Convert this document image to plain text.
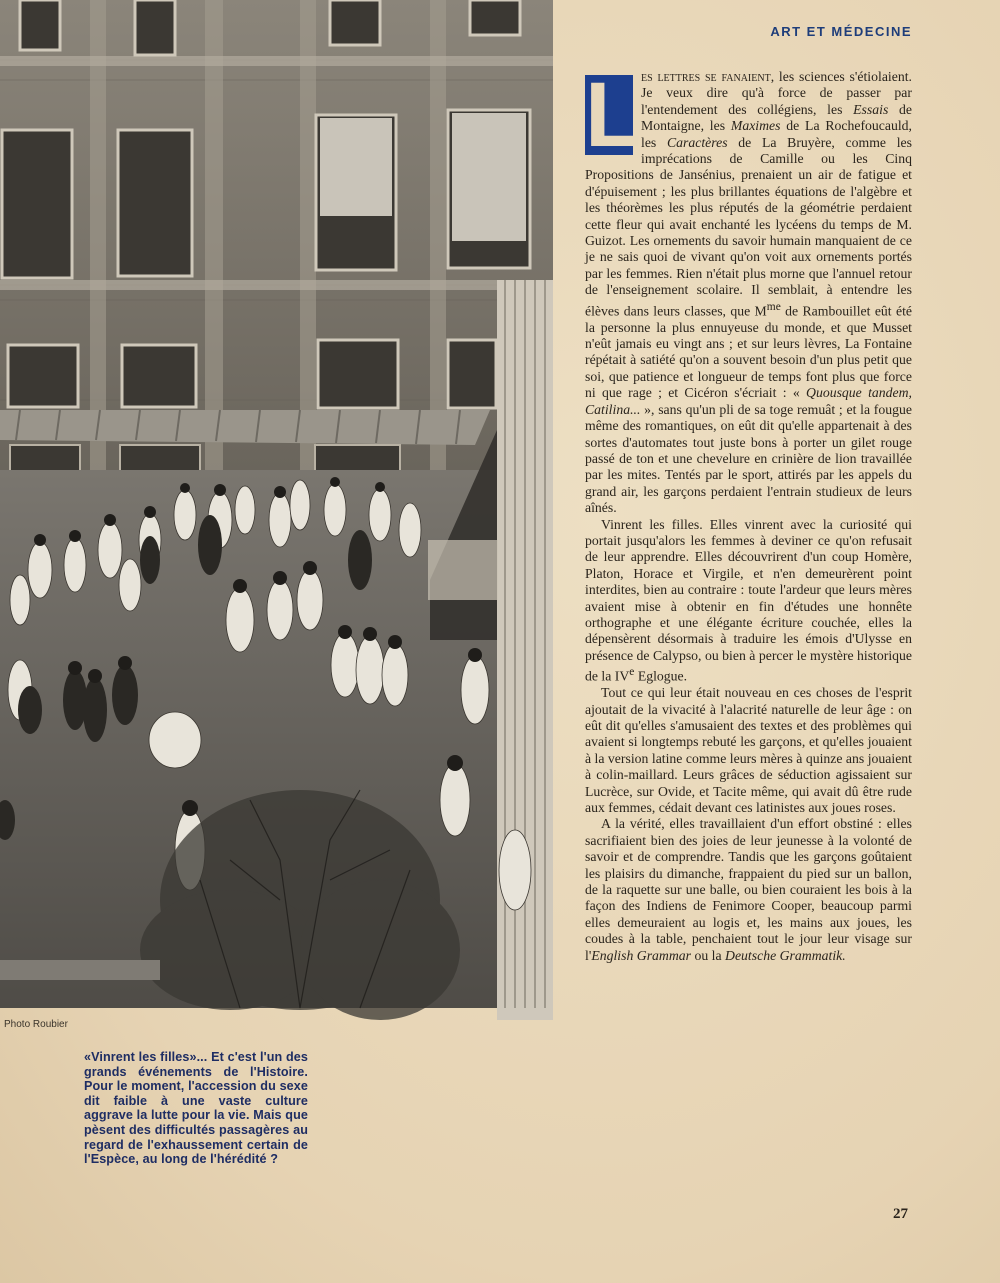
Photo Roubier
«Vinrent les filles»... Et c'est l'un des grands événements de l'Histoire. Pour le moment, l'accession du sexe dit faible à une vaste culture aggrave la lutte pour la vie. Mais que pèsent des difficultés passagères au regard de l'exhaussement certain de l'Espèce, au long de l'hérédité ?
ART ET MÉDECINE

L es lettres se fanaient, les sciences s'étiolaient. Je veux dire qu'à force de passer par l'entendement des collégiens, les Essais de Montaigne, les Maximes de La Rochefoucauld, les Caractères de La Bruyère, comme les imprécations de Camille ou les Cinq Propositions de Jansénius, prenaient un air de fatigue et d'épuisement ; les plus brillantes équations de l'algèbre et les théorèmes les plus réputés de la géométrie perdaient cette fleur qui avait enchanté les lycéens du temps de M. Guizot. Les ornements du savoir humain manquaient de ce je ne sais quoi de vivant qu'on voit aux ornements portés par les femmes. Rien n'était plus morne que l'annuel retour de l'enseignement scolaire. Il semblait, à entendre les élèves dans leurs classes, que $M^{me}$ de Rambouillet eût été la personne la plus ennuyeuse du monde, et que Musset n'eût jamais eu vingt ans ; et sur leurs lèvres, La Fontaine répétait à satiété qu'on a souvent besoin d'un plus petit que soi, que patience et longueur de temps font plus que force ni que rage ; et Cicéron s'écriait : « Quousque tandem, Catilina... », sans qu'un pli de sa toge remuât ; et la fougue même des romantiques, on eût dit qu'elle appartenait à des sortes d'automates tout juste bons à porter un gilet rouge passé de ton et une chevelure en crinière de lion travaillée par les mites. Tentés par le sport, attirés par les appels du grand air, les garçons perdaient l'entrain studieux de leurs aînés.

Vinrent les filles. Elles vinrent avec la curiosité qui portait jusqu'alors les femmes à deviner ce qu'on refusait de leur apprendre. Elles découvrirent d'un coup Homère, Platon, Horace et Virgile, et n'en demeurèrent point interdites, bien au contraire : toute l'ardeur que leurs mères avaient mise à obtenir en fin d'études une honnête orthographe et une élégante écriture couchée, elles la dépensèrent désormais à traduire les émois d'Ulysse en présence de Calypso, ou bien à percer le mystère historique de la IVe Eglogue.

Tout ce qui leur était nouveau en ces choses de l'esprit ajoutait de la vivacité à l'alacrité naturelle de leur âge : on eût dit qu'elles s'amusaient des textes et des problèmes qui avaient si longtemps rebuté les garçons, et qu'elles jouaient à la version latine comme leurs mères à quinze ans jouaient à colin-maillard. Leurs grâces de séduction agissaient sur Lucrèce, sur Ovide, et Tacite même, qui avait dû être rude aux femmes, cédait devant ces latinistes aux joues roses.

A la vérité, elles travaillaient d'un effort obstiné : elles sacrifiaient bien des joies de leur jeunesse à la volonté de savoir et de comprendre. Tandis que les garçons goûtaient les plaisirs du dimanche, frappaient du pied sur un ballon, de la raquette sur une balle, ou bien couraient les bois à la façon des Indiens de Fenimore Cooper, beaucoup parmi elles demeuraient au logis et, les mains aux joues, les coudes à la table, penchaient tout le jour leur visage sur l'English Grammar ou la Deutsche Grammatik.

27
